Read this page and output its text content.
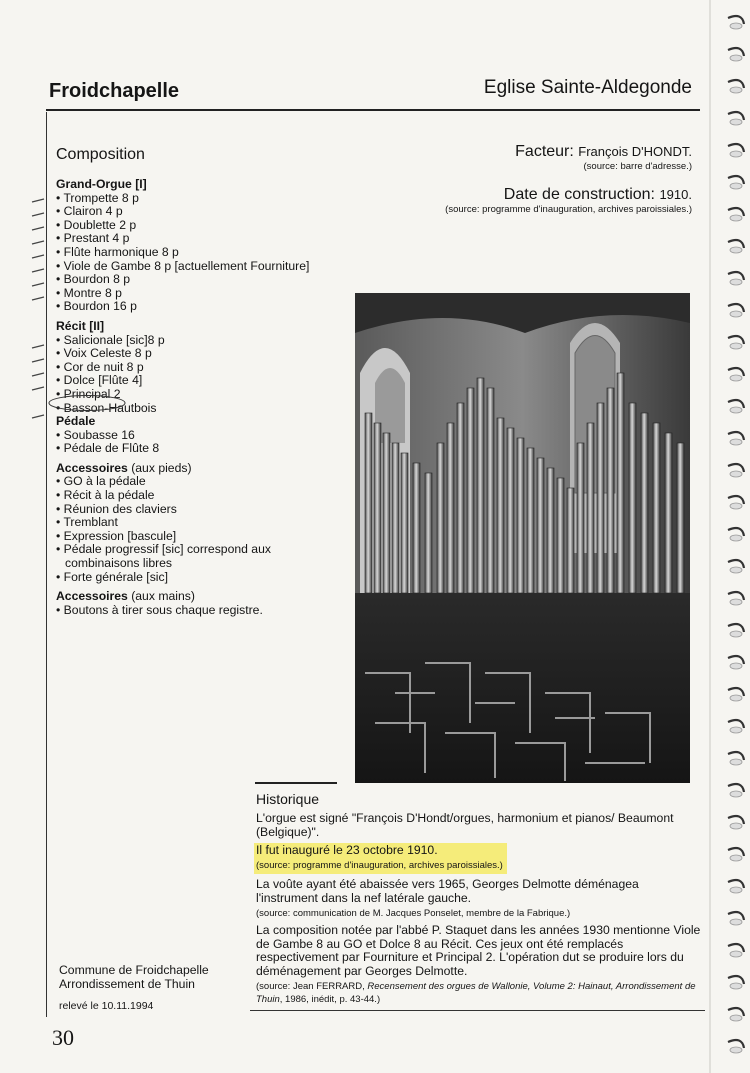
Froidchapelle	Eglise Sainte-Aldegonde
Composition	Facteur: François D'HONDT.
(source: barre d'adresse.)
Date de construction: 1910.
(source: programme d'inauguration, archives paroissiales.)
Grand-Orgue [I]
• Trompette 8 p
• Clairon 4 p
• Doublette 2 p
• Prestant 4 p
• Flûte harmonique 8 p
• Viole de Gambe 8 p [actuellement Fourniture]
• Bourdon 8 p
• Montre 8 p
• Bourdon 16 p
Récit [II]
• Salicionale [sic]8 p
• Voix Celeste 8 p
• Cor de nuit 8 p
• Dolce [Flûte 4]
• Principal 2
• Basson-Hautbois
Pédale
• Soubasse 16
• Pédale de Flûte 8
Accessoires (aux pieds)
• GO à la pédale
• Récit à la pédale
• Réunion des claviers
• Tremblant
• Expression [bascule]
• Pédale progressif [sic] correspond aux combinaisons libres
• Forte générale [sic]
Accessoires (aux mains)
• Boutons à tirer sous chaque registre.
Historique

L'orgue est signé "François D'Hondt/orgues, harmonium et pianos/ Beaumont (Belgique)".

Il fut inauguré le 23 octobre 1910.
(source: programme d'inauguration, archives paroissiales.)

La voûte ayant été abaissée vers 1965, Georges Delmotte déménagea l'instrument dans la nef latérale gauche.
(source: communication de M. Jacques Ponselet, membre de la Fabrique.)

La composition notée par l'abbé P. Staquet dans les années 1930 mentionne Viole de Gambe 8 au GO et Dolce 8 au Récit. Ces jeux ont été remplacés respectivement par Fourniture et Principal 2. L'opération dut se produire lors du déménagement par Georges Delmotte.
(source: Jean FERRARD, Recensement des orgues de Wallonie, Volume 2: Hainaut, Arrondissement de Thuin, 1986, inédit, p. 43-44.)

Commune de Froidchapelle
Arrondissement de Thuin
relevé le 10.11.1994
30
